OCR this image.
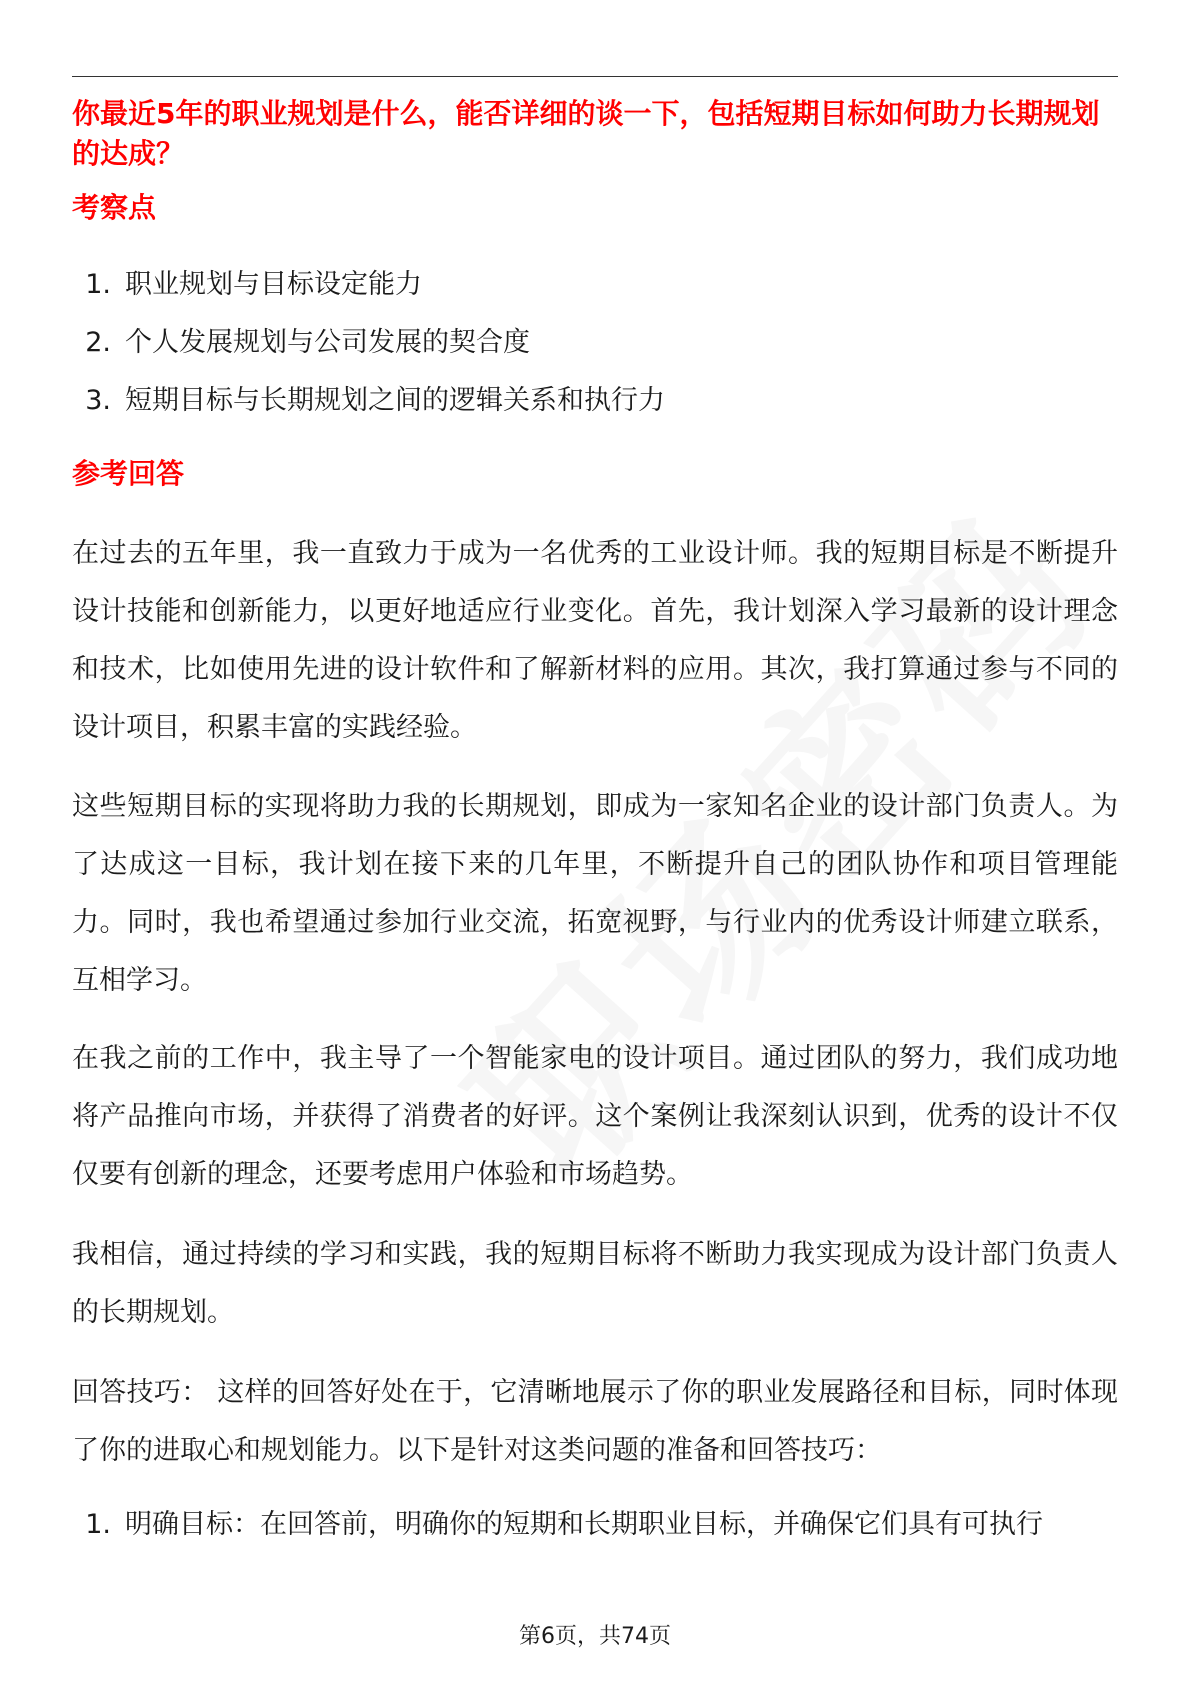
你最近5年的职业规划是什么，能否详细的谈一下，包括短期目标如何助力长期规划的达成？
考察点
1. 职业规划与目标设定能力
2. 个人发展规划与公司发展的契合度
3. 短期目标与长期规划之间的逻辑关系和执行力
参考回答

在过去的五年里，我一直致力于成为一名优秀的工业设计师。我的短期目标是不断提升设计技能和创新能力，以更好地适应行业变化。首先，我计划深入学习最新的设计理念和技术，比如使用先进的设计软件和了解新材料的应用。其次，我打算通过参与不同的设计项目，积累丰富的实践经验。

这些短期目标的实现将助力我的长期规划，即成为一家知名企业的设计部门负责人。为了达成这一目标，我计划在接下来的几年里，不断提升自己的团队协作和项目管理能力。同时，我也希望通过参加行业交流，拓宽视野，与行业内的优秀设计师建立联系，互相学习。

在我之前的工作中，我主导了一个智能家电的设计项目。通过团队的努力，我们成功地将产品推向市场，并获得了消费者的好评。这个案例让我深刻认识到，优秀的设计不仅仅要有创新的理念，还要考虑用户体验和市场趋势。

我相信，通过持续的学习和实践，我的短期目标将不断助力我实现成为设计部门负责人的长期规划。

回答技巧： 这样的回答好处在于，它清晰地展示了你的职业发展路径和目标，同时体现了你的进取心和规划能力。以下是针对这类问题的准备和回答技巧：

1. 明确目标：在回答前，明确你的短期和长期职业目标，并确保它们具有可执行
第6页，共74页
